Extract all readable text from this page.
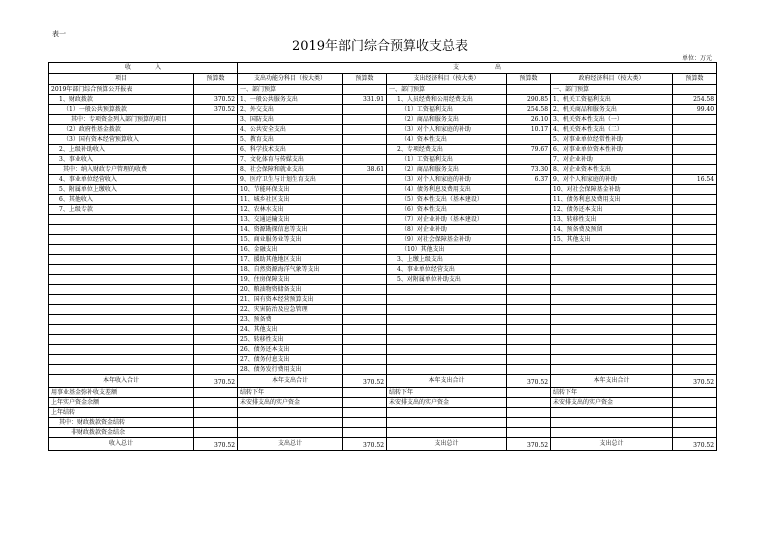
表一
2019年部门综合预算收支总表
单位：万元
收　　　　入		支　　　　　　出					
项目	预算数	支出功能分科目（按大类）	预算数	支出经济科目（按大类）	预算数	政府经济科目（按大类）	预算数
2019年部门综合预算公开报表		一、部门预算		一、部门预算		一、部门预算	
1、财政拨款	370.52	1、一般公共服务支出	331.91	1、人员经费和公用经费支出	290.85	1、机关工资福利支出	254.58
（1）一般公共预算拨款	370.52	2、外交支出		（1）工资福利支出	254.58	2、机关商品和服务支出	99.40
其中：专项资金列入部门预算的项目		3、国防支出		（2）商品和服务支出	26.10	3、机关资本性支出（一）	
（2）政府性基金拨款		4、公共安全支出		（3）对个人和家庭的补助	10.17	4、机关资本性支出（二）	
（3）国有资本经营预算收入		5、教育支出		（4）资本性支出		5、对事业单位经常性补助	
2、上级补助收入		6、科学技术支出		2、专项经费支出	79.67	6、对事业单位资本性补助	
3、事业收入		7、文化体育与传媒支出		（1）工资福利支出		7、对企业补助	
其中：纳入财政专户管理的收费		8、社会保障和就业支出	38.61	（2）商品和服务支出	73.30	8、对企业资本性支出	
4、事业单位经营收入		9、医疗卫生与计划生育支出		（3）对个人和家庭的补助	6.37	9、对个人和家庭的补助	16.54
5、附属单位上缴收入		10、节能环保支出		（4）债务利息及费用支出		10、对社会保障基金补助	
6、其他收入		11、城乡社区支出		（5）资本性支出（基本建设）		11、债务利息及费用支出	
7、上级专款		12、农林水支出		（6）资本性支出		12、债务还本支出	
		13、交通运输支出		（7）对企业补助（基本建设）		13、转移性支出	
		14、资源勘探信息等支出		（8）对企业补助		14、预备费及预留	
		15、商业服务业等支出		（9）对社会保障基金补助		15、其他支出	
		16、金融支出		（10）其他支出			
		17、援助其他地区支出		3、上缴上级支出			
		18、自然资源海洋气象等支出		4、事业单位经营支出			
		19、住房保障支出		5、对附属单位补助支出			
		20、粮油物资储备支出					
		21、国有资本经营预算支出					
		22、灾害防治及应急管理					
		23、预备费					
		24、其他支出					
		25、转移性支出					
		26、债务还本支出					
		27、债务付息支出					
		28、债务发行费用支出					
本年收入合计	370.52	本年支出合计	370.52	本年支出合计	370.52	本年支出合计	370.52
用事业基金弥补收支差额		结转下年		结转下年		结转下年	
上年实户资金余额		未安排支出的实户资金		未安排支出的实户资金		未安排支出的实户资金	
上年结转							
其中：财政拨款资金结转							
非财政拨款资金结余							
收入总计	370.52	支出总计	370.52	支出总计	370.52	支出总计	370.52
